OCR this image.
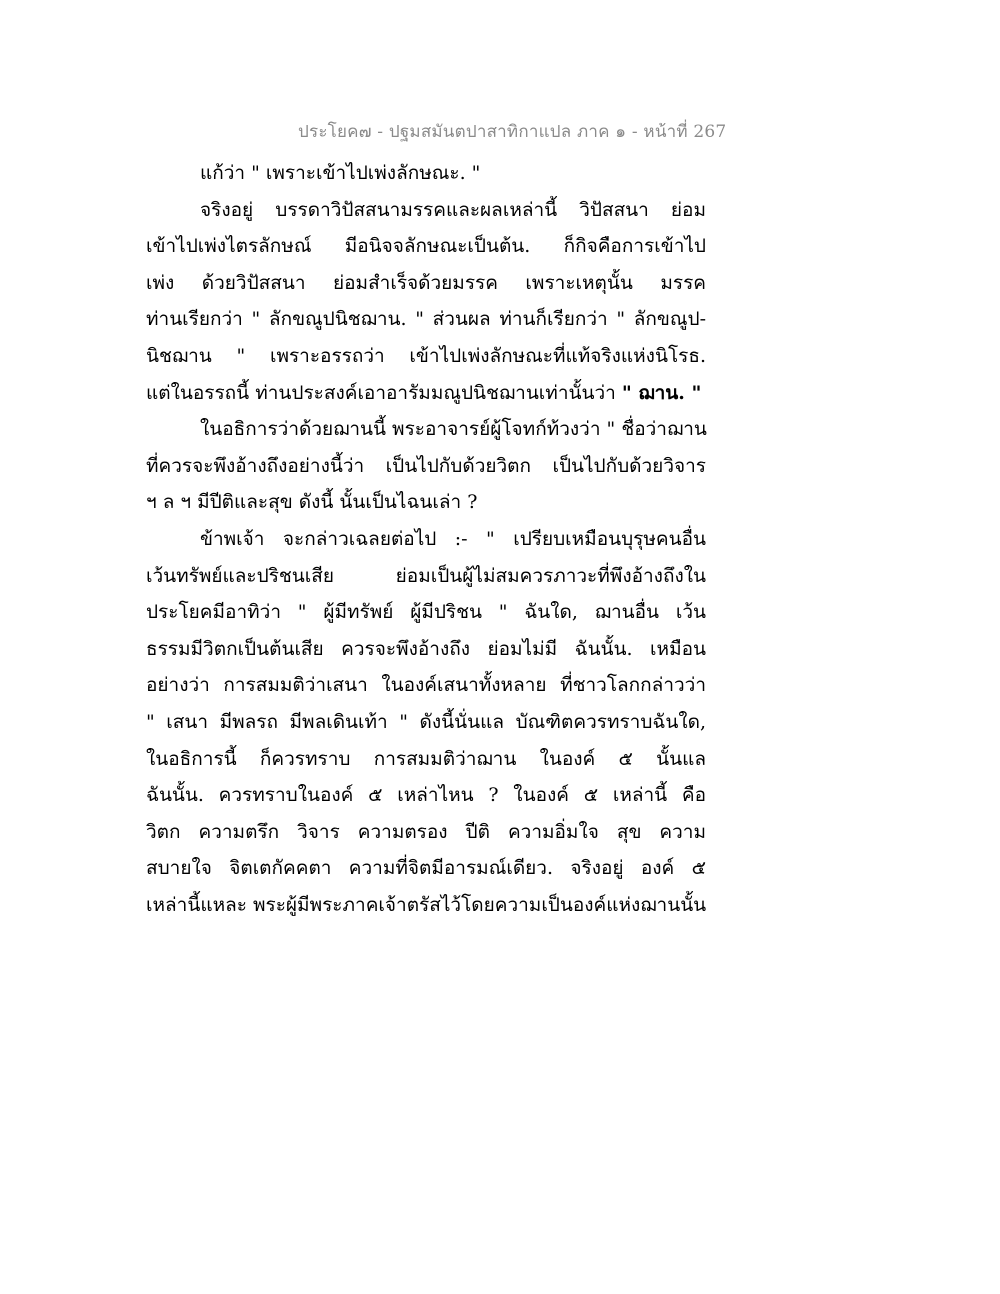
ประโยค๗ - ปฐมสมันตปาสาทิกาแปล ภาค ๑ - หน้าที่ 267
แก้ว่า " เพราะเข้าไปเพ่งลักษณะ. "
จริงอยู่ บรรดาวิปัสสนามรรคและผลเหล่านี้ วิปัสสนา ย่อม
เข้าไปเพ่งไตรลักษณ์ มีอนิจจลักษณะเป็นต้น. ก็กิจคือการเข้าไป
เพ่ง ด้วยวิปัสสนา ย่อมสำเร็จด้วยมรรค เพราะเหตุนั้น มรรค
ท่านเรียกว่า " ลักขณูปนิชฌาน. " ส่วนผล ท่านก็เรียกว่า " ลักขณูป-
นิชฌาน " เพราะอรรถว่า เข้าไปเพ่งลักษณะที่แท้จริงแห่งนิโรธ.
แต่ในอรรถนี้ ท่านประสงค์เอาอารัมมณูปนิชฌานเท่านั้นว่า " ฌาน. "
ในอธิการว่าด้วยฌานนี้ พระอาจารย์ผู้โจทก์ท้วงว่า " ชื่อว่าฌาน
ที่ควรจะพึงอ้างถึงอย่างนี้ว่า เป็นไปกับด้วยวิตก เป็นไปกับด้วยวิจาร
ฯ ล ฯ มีปีติและสุข ดังนี้ นั้นเป็นไฉนเล่า ?
ข้าพเจ้า จะกล่าวเฉลยต่อไป :- " เปรียบเหมือนบุรุษคนอื่น
เว้นทรัพย์และปริชนเสีย ย่อมเป็นผู้ไม่สมควรภาวะที่พึงอ้างถึงใน
ประโยคมีอาทิว่า " ผู้มีทรัพย์ ผู้มีปริชน " ฉันใด, ฌานอื่น เว้น
ธรรมมีวิตกเป็นต้นเสีย ควรจะพึงอ้างถึง ย่อมไม่มี ฉันนั้น. เหมือน
อย่างว่า การสมมติว่าเสนา ในองค์เสนาทั้งหลาย ที่ชาวโลกกล่าวว่า
" เสนา มีพลรถ มีพลเดินเท้า " ดังนี้นั่นแล บัณฑิตควรทราบฉันใด,
ในอธิการนี้ ก็ควรทราบ การสมมติว่าฌาน ในองค์ ๕ นั้นแล
ฉันนั้น. ควรทราบในองค์ ๕ เหล่าไหน ? ในองค์ ๕ เหล่านี้ คือ
วิตก ความตรึก วิจาร ความตรอง ปีติ ความอิ่มใจ สุข ความ
สบายใจ จิตเตกัคคตา ความที่จิตมีอารมณ์เดียว. จริงอยู่ องค์ ๕
เหล่านี้แหละ พระผู้มีพระภาคเจ้าตรัสไว้โดยความเป็นองค์แห่งฌานนั้น
